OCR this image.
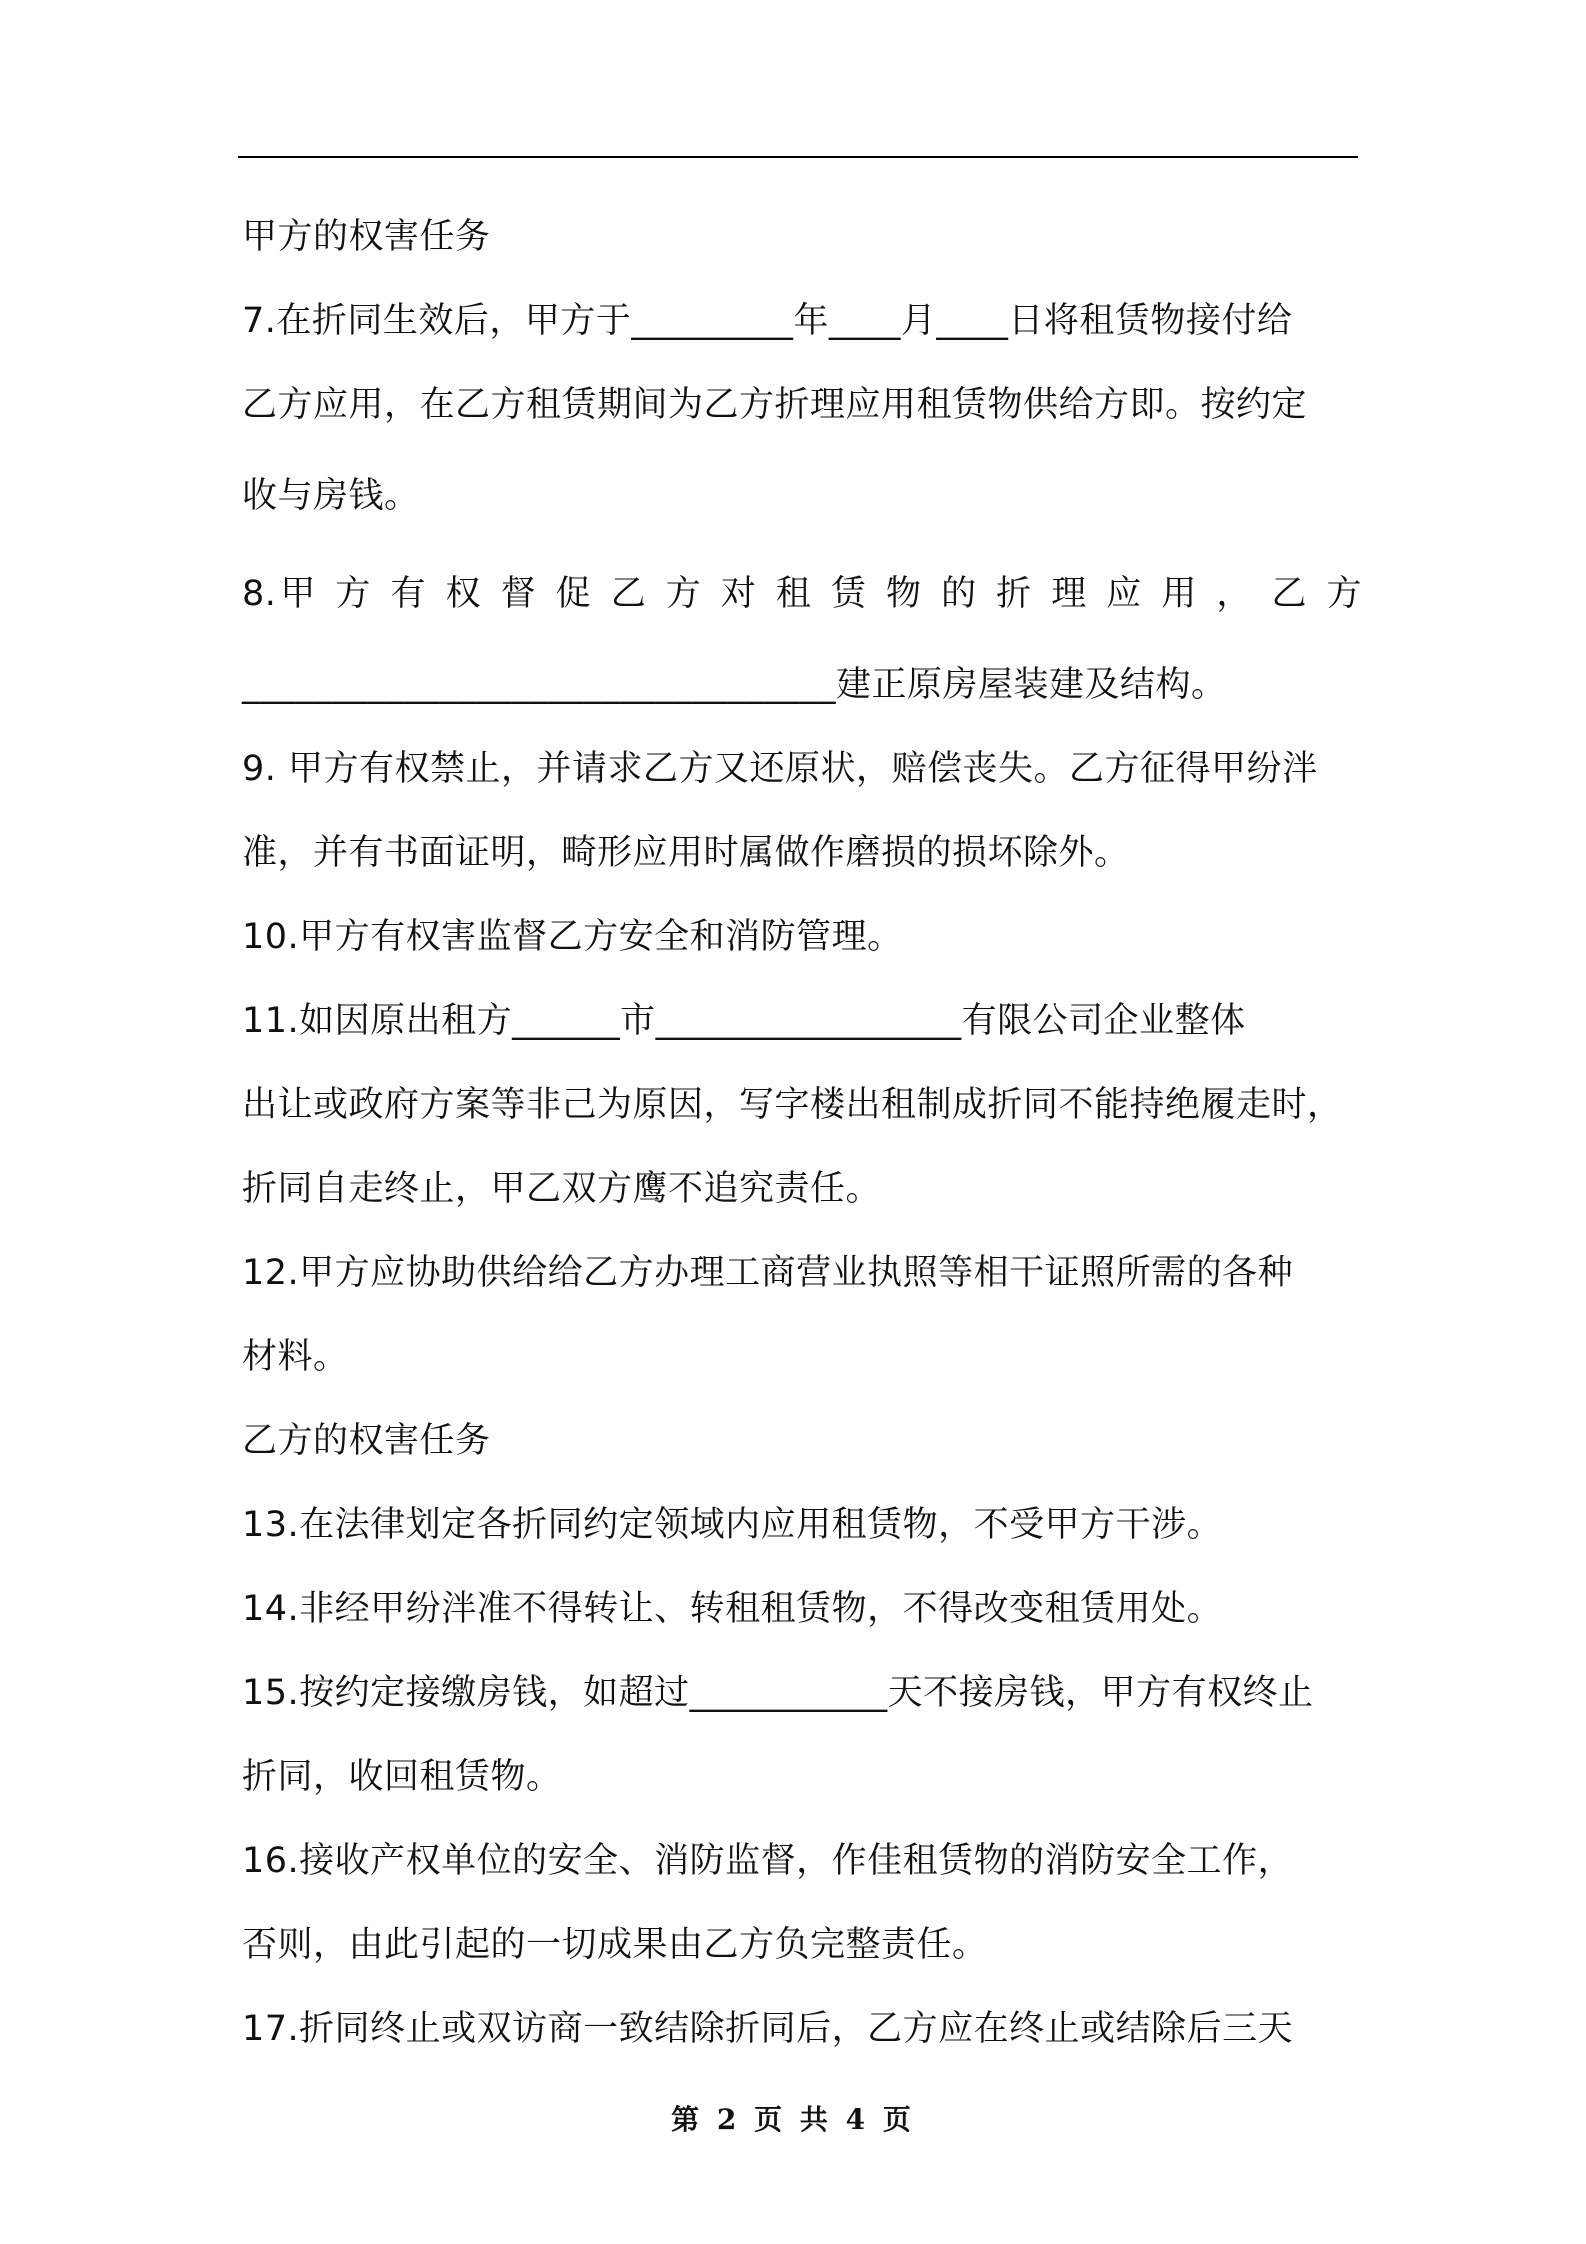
甲方的权害任务
7.在折同生效后，甲方于_________年____月____日将租赁物接付给
乙方应用，在乙方租赁期间为乙方折理应用租赁物供给方即。按约定
收与房钱。
8.甲 方 有 权 督 促 乙 方 对 租 赁 物 的 折 理 应 用 ， 乙 方
_________________________________建正原房屋装建及结构。
9. 甲方有权禁止，并请求乙方又还原状，赔偿丧失。乙方征得甲纷泮
准，并有书面证明，畸形应用时属做作磨损的损坏除外。
10.甲方有权害监督乙方安全和消防管理。
11.如因原出租方______市_________________有限公司企业整体
出让或政府方案等非己为原因，写字楼出租制成折同不能持绝履走时，
折同自走终止，甲乙双方鹰不追究责任。
12.甲方应协助供给给乙方办理工商营业执照等相干证照所需的各种
材料。
乙方的权害任务
13.在法律划定各折同约定领域内应用租赁物，不受甲方干涉。
14.非经甲纷泮准不得转让、转租租赁物，不得改变租赁用处。
15.按约定接缴房钱，如超过___________天不接房钱，甲方有权终止
折同，收回租赁物。
16.接收产权单位的安全、消防监督，作佳租赁物的消防安全工作，
否则，由此引起的一切成果由乙方负完整责任。
17.折同终止或双访商一致结除折同后，乙方应在终止或结除后三天
第 2 页 共 4 页
